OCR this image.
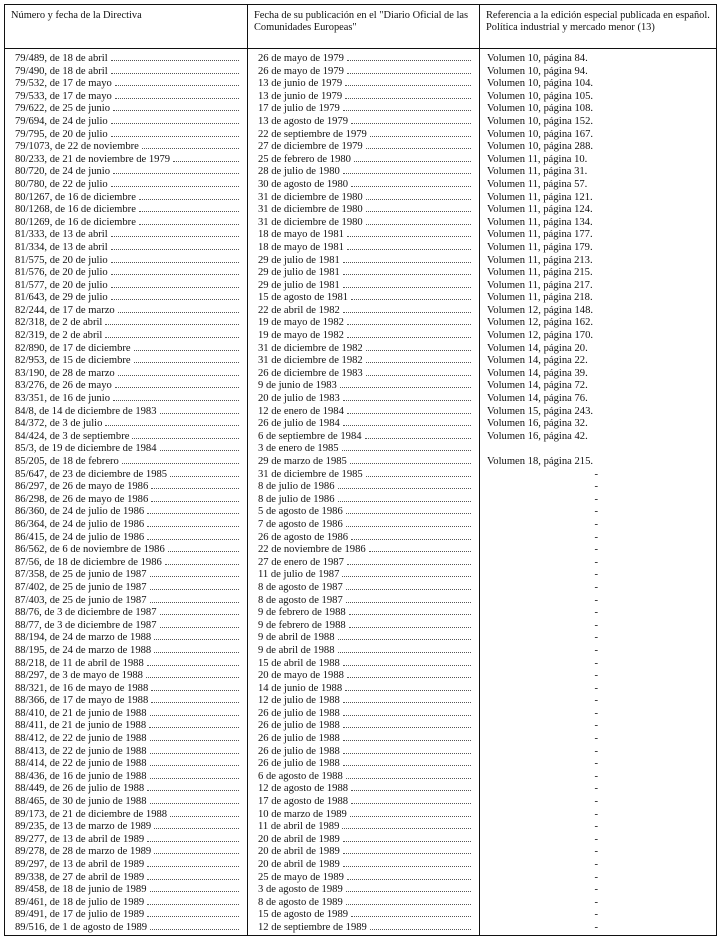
Número y fecha de la Directiva	Fecha de su publicación en el "Diario Oficial de las Comunidades Europeas"	Referencia a la edición especial publicada en español. Política industrial y mercado menor (13)

79/489, de 18 de abril	26 de mayo de 1979	Volumen 10, página 84.

79/490, de 18 de abril	26 de mayo de 1979	Volumen 10, página 94.

79/532, de 17 de mayo	13 de junio de 1979	Volumen 10, página 104.

79/533, de 17 de mayo	13 de junio de 1979	Volumen 10, página 105.

79/622, de 25 de junio	17 de julio de 1979	Volumen 10, página 108.

79/694, de 24 de julio	13 de agosto de 1979	Volumen 10, página 152.

79/795, de 20 de julio	22 de septiembre de 1979	Volumen 10, página 167.

79/1073, de 22 de noviembre	27 de diciembre de 1979	Volumen 10, página 288.

80/233, de 21 de noviembre de 1979	25 de febrero de 1980	Volumen 11, página 10.

80/720, de 24 de junio	28 de julio de 1980	Volumen 11, página 31.

80/780, de 22 de julio	30 de agosto de 1980	Volumen 11, página 57.

80/1267, de 16 de diciembre	31 de diciembre de 1980	Volumen 11, página 121.

80/1268, de 16 de diciembre	31 de diciembre de 1980	Volumen 11, página 124.

80/1269, de 16 de diciembre	31 de diciembre de 1980	Volumen 11, página 134.

81/333, de 13 de abril	18 de mayo de 1981	Volumen 11, página 177.

81/334, de 13 de abril	18 de mayo de 1981	Volumen 11, página 179.

81/575, de 20 de julio	29 de julio de 1981	Volumen 11, página 213.

81/576, de 20 de julio	29 de julio de 1981	Volumen 11, página 215.

81/577, de 20 de julio	29 de julio de 1981	Volumen 11, página 217.

81/643, de 29 de julio	15 de agosto de 1981	Volumen 11, página 218.

82/244, de 17 de marzo	22 de abril de 1982	Volumen 12, página 148.

82/318, de 2 de abril	19 de mayo de 1982	Volumen 12, página 162.

82/319, de 2 de abril	19 de mayo de 1982	Volumen 12, página 170.

82/890, de 17 de diciembre	31 de diciembre de 1982	Volumen 14, página 20.

82/953, de 15 de diciembre	31 de diciembre de 1982	Volumen 14, página 22.

83/190, de 28 de marzo	26 de diciembre de 1983	Volumen 14, página 39.

83/276, de 26 de mayo	9 de junio de 1983	Volumen 14, página 72.

83/351, de 16 de junio	20 de julio de 1983	Volumen 14, página 76.

84/8, de 14 de diciembre de 1983	12 de enero de 1984	Volumen 15, página 243.

84/372, de 3 de julio	26 de julio de 1984	Volumen 16, página 32.

84/424, de 3 de septiembre	6 de septiembre de 1984	Volumen 16, página 42.

85/3, de 19 de diciembre de 1984	3 de enero de 1985	

85/205, de 18 de febrero	29 de marzo de 1985	Volumen 18, página 215.

85/647, de 23 de diciembre de 1985	31 de diciembre de 1985	-

86/297, de 26 de mayo de 1986	8 de julio de 1986	-

86/298, de 26 de mayo de 1986	8 de julio de 1986	-

86/360, de 24 de julio de 1986	5 de agosto de 1986	-

86/364, de 24 de julio de 1986	7 de agosto de 1986	-

86/415, de 24 de julio de 1986	26 de agosto de 1986	-

86/562, de 6 de noviembre de 1986	22 de noviembre de 1986	-

87/56, de 18 de diciembre de 1986	27 de enero de 1987	-

87/358, de 25 de junio de 1987	11 de julio de 1987	-

87/402, de 25 de junio de 1987	8 de agosto de 1987	-

87/403, de 25 de junio de 1987	8 de agosto de 1987	-

88/76, de 3 de diciembre de 1987	9 de febrero de 1988	-

88/77, de 3 de diciembre de 1987	9 de febrero de 1988	-

88/194, de 24 de marzo de 1988	9 de abril de 1988	-

88/195, de 24 de marzo de 1988	9 de abril de 1988	-

88/218, de 11 de abril de 1988	15 de abril de 1988	-

88/297, de 3 de mayo de 1988	20 de mayo de 1988	-

88/321, de 16 de mayo de 1988	14 de junio de 1988	-

88/366, de 17 de mayo de 1988	12 de julio de 1988	-

88/410, de 21 de junio de 1988	26 de julio de 1988	-

88/411, de 21 de junio de 1988	26 de julio de 1988	-

88/412, de 22 de junio de 1988	26 de julio de 1988	-

88/413, de 22 de junio de 1988	26 de julio de 1988	-

88/414, de 22 de junio de 1988	26 de julio de 1988	-

88/436, de 16 de junio de 1988	6 de agosto de 1988	-

88/449, de 26 de julio de 1988	12 de agosto de 1988	-

88/465, de 30 de junio de 1988	17 de agosto de 1988	-

89/173, de 21 de diciembre de 1988	10 de marzo de 1989	-

89/235, de 13 de marzo de 1989	11 de abril de 1989	-

89/277, de 13 de abril de 1989	20 de abril de 1989	-

89/278, de 28 de marzo de 1989	20 de abril de 1989	-

89/297, de 13 de abril de 1989	20 de abril de 1989	-

89/338, de 27 de abril de 1989	25 de mayo de 1989	-

89/458, de 18 de junio de 1989	3 de agosto de 1989	-

89/461, de 18 de julio de 1989	8 de agosto de 1989	-

89/491, de 17 de julio de 1989	15 de agosto de 1989	-

89/516, de 1 de agosto de 1989	12 de septiembre de 1989	-
